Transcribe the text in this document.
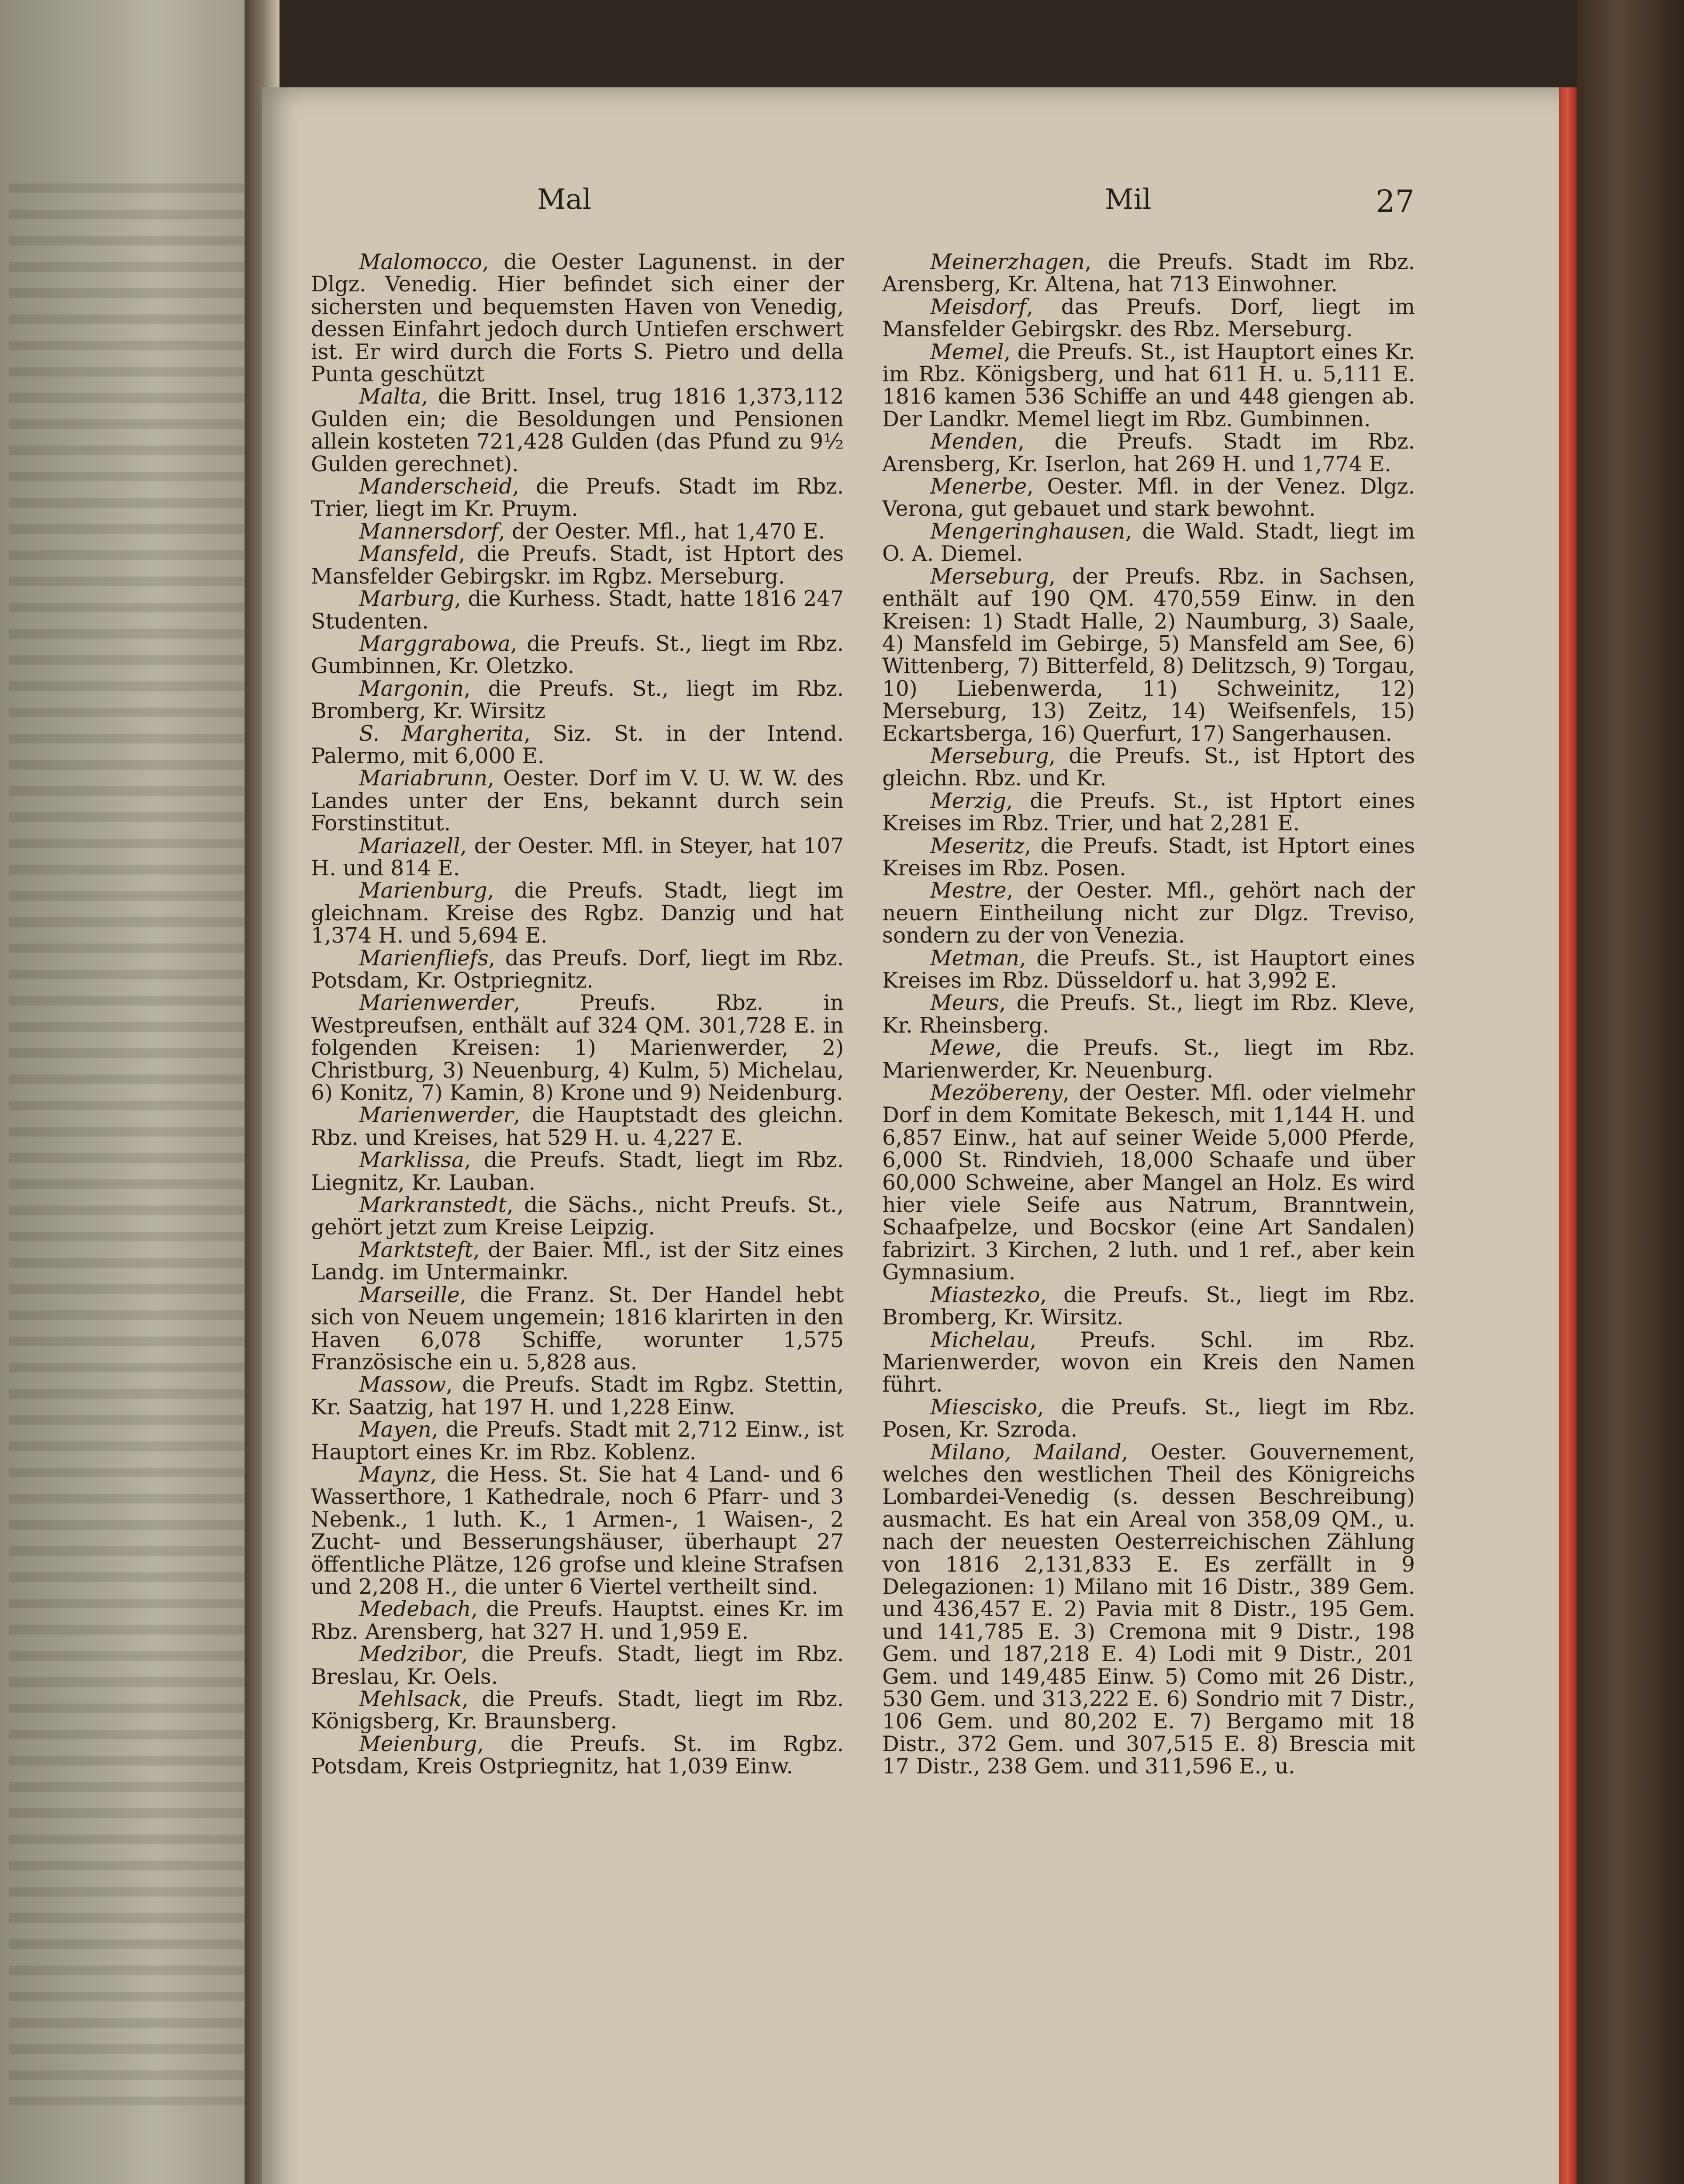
Mal	Mil	27

Malomocco, die Oester Lagunenst. in der Dlgz. Venedig. Hier befindet sich einer der sichersten und bequemsten Haven von Venedig, dessen Einfahrt jedoch durch Untiefen erschwert ist. Er wird durch die Forts S. Pietro und della Punta geschützt

Malta, die Britt. Insel, trug 1816 1,373,112 Gulden ein; die Besoldungen und Pensionen allein kosteten 721,428 Gulden (das Pfund zu 9½ Gulden gerechnet).

Manderscheid, die Preufs. Stadt im Rbz. Trier, liegt im Kr. Pruym.

Mannersdorf, der Oester. Mfl., hat 1,470 E.

Mansfeld, die Preufs. Stadt, ist Hptort des Mansfelder Gebirgskr. im Rgbz. Merseburg.

Marburg, die Kurhess. Stadt, hatte 1816 247 Studenten.

Marggrabowa, die Preufs. St., liegt im Rbz. Gumbinnen, Kr. Oletzko.

Margonin, die Preufs. St., liegt im Rbz. Bromberg, Kr. Wirsitz

S. Margherita, Siz. St. in der Intend. Palermo, mit 6,000 E.

Mariabrunn, Oester. Dorf im V. U. W. W. des Landes unter der Ens, bekannt durch sein Forstinstitut.

Mariazell, der Oester. Mfl. in Steyer, hat 107 H. und 814 E.

Marienburg, die Preufs. Stadt, liegt im gleichnam. Kreise des Rgbz. Danzig und hat 1,374 H. und 5,694 E.

Marienfliefs, das Preufs. Dorf, liegt im Rbz. Potsdam, Kr. Ostpriegnitz.

Marienwerder, Preufs. Rbz. in Westpreufsen, enthält auf 324 QM. 301,728 E. in folgenden Kreisen: 1) Marienwerder, 2) Christburg, 3) Neuenburg, 4) Kulm, 5) Michelau, 6) Konitz, 7) Kamin, 8) Krone und 9) Neidenburg.

Marienwerder, die Hauptstadt des gleichn. Rbz. und Kreises, hat 529 H. u. 4,227 E.

Marklissa, die Preufs. Stadt, liegt im Rbz. Liegnitz, Kr. Lauban.

Markranstedt, die Sächs., nicht Preufs. St., gehört jetzt zum Kreise Leipzig.

Marktsteft, der Baier. Mfl., ist der Sitz eines Landg. im Untermainkr.

Marseille, die Franz. St. Der Handel hebt sich von Neuem ungemein; 1816 klarirten in den Haven 6,078 Schiffe, worunter 1,575 Französische ein u. 5,828 aus.

Massow, die Preufs. Stadt im Rgbz. Stettin, Kr. Saatzig, hat 197 H. und 1,228 Einw.

Mayen, die Preufs. Stadt mit 2,712 Einw., ist Hauptort eines Kr. im Rbz. Koblenz.

Maynz, die Hess. St. Sie hat 4 Land- und 6 Wasserthore, 1 Kathedrale, noch 6 Pfarr- und 3 Nebenk., 1 luth. K., 1 Armen-, 1 Waisen-, 2 Zucht- und Besserungshäuser, überhaupt 27 öffentliche Plätze, 126 grofse und kleine Strafsen und 2,208 H., die unter 6 Viertel vertheilt sind.

Medebach, die Preufs. Hauptst. eines Kr. im Rbz. Arensberg, hat 327 H. und 1,959 E.

Medzibor, die Preufs. Stadt, liegt im Rbz. Breslau, Kr. Oels.

Mehlsack, die Preufs. Stadt, liegt im Rbz. Königsberg, Kr. Braunsberg.

Meienburg, die Preufs. St. im Rgbz. Potsdam, Kreis Ostpriegnitz, hat 1,039 Einw.

Meinerzhagen, die Preufs. Stadt im Rbz. Arensberg, Kr. Altena, hat 713 Einwohner.

Meisdorf, das Preufs. Dorf, liegt im Mansfelder Gebirgskr. des Rbz. Merseburg.

Memel, die Preufs. St., ist Hauptort eines Kr. im Rbz. Königsberg, und hat 611 H. u. 5,111 E. 1816 kamen 536 Schiffe an und 448 giengen ab. Der Landkr. Memel liegt im Rbz. Gumbinnen.

Menden, die Preufs. Stadt im Rbz. Arensberg, Kr. Iserlon, hat 269 H. und 1,774 E.

Menerbe, Oester. Mfl. in der Venez. Dlgz. Verona, gut gebauet und stark bewohnt.

Mengeringhausen, die Wald. Stadt, liegt im O. A. Diemel.

Merseburg, der Preufs. Rbz. in Sachsen, enthält auf 190 QM. 470,559 Einw. in den Kreisen: 1) Stadt Halle, 2) Naumburg, 3) Saale, 4) Mansfeld im Gebirge, 5) Mansfeld am See, 6) Wittenberg, 7) Bitterfeld, 8) Delitzsch, 9) Torgau, 10) Liebenwerda, 11) Schweinitz, 12) Merseburg, 13) Zeitz, 14) Weifsenfels, 15) Eckartsberga, 16) Querfurt, 17) Sangerhausen.

Merseburg, die Preufs. St., ist Hptort des gleichn. Rbz. und Kr.

Merzig, die Preufs. St., ist Hptort eines Kreises im Rbz. Trier, und hat 2,281 E.

Meseritz, die Preufs. Stadt, ist Hptort eines Kreises im Rbz. Posen.

Mestre, der Oester. Mfl., gehört nach der neuern Eintheilung nicht zur Dlgz. Treviso, sondern zu der von Venezia.

Metman, die Preufs. St., ist Hauptort eines Kreises im Rbz. Düsseldorf u. hat 3,992 E.

Meurs, die Preufs. St., liegt im Rbz. Kleve, Kr. Rheinsberg.

Mewe, die Preufs. St., liegt im Rbz. Marienwerder, Kr. Neuenburg.

Mezöbereny, der Oester. Mfl. oder vielmehr Dorf in dem Komitate Bekesch, mit 1,144 H. und 6,857 Einw., hat auf seiner Weide 5,000 Pferde, 6,000 St. Rindvieh, 18,000 Schaafe und über 60,000 Schweine, aber Mangel an Holz. Es wird hier viele Seife aus Natrum, Branntwein, Schaafpelze, und Bocskor (eine Art Sandalen) fabrizirt. 3 Kirchen, 2 luth. und 1 ref., aber kein Gymnasium.

Miastezko, die Preufs. St., liegt im Rbz. Bromberg, Kr. Wirsitz.

Michelau, Preufs. Schl. im Rbz. Marienwerder, wovon ein Kreis den Namen führt.

Miescisko, die Preufs. St., liegt im Rbz. Posen, Kr. Szroda.

Milano, Mailand, Oester. Gouvernement, welches den westlichen Theil des Königreichs Lombardei-Venedig (s. dessen Beschreibung) ausmacht. Es hat ein Areal von 358,09 QM., u. nach der neuesten Oesterreichischen Zählung von 1816 2,131,833 E. Es zerfällt in 9 Delegazionen: 1) Milano mit 16 Distr., 389 Gem. und 436,457 E. 2) Pavia mit 8 Distr., 195 Gem. und 141,785 E. 3) Cremona mit 9 Distr., 198 Gem. und 187,218 E. 4) Lodi mit 9 Distr., 201 Gem. und 149,485 Einw. 5) Como mit 26 Distr., 530 Gem. und 313,222 E. 6) Sondrio mit 7 Distr., 106 Gem. und 80,202 E. 7) Bergamo mit 18 Distr., 372 Gem. und 307,515 E. 8) Brescia mit 17 Distr., 238 Gem. und 311,596 E., u.
